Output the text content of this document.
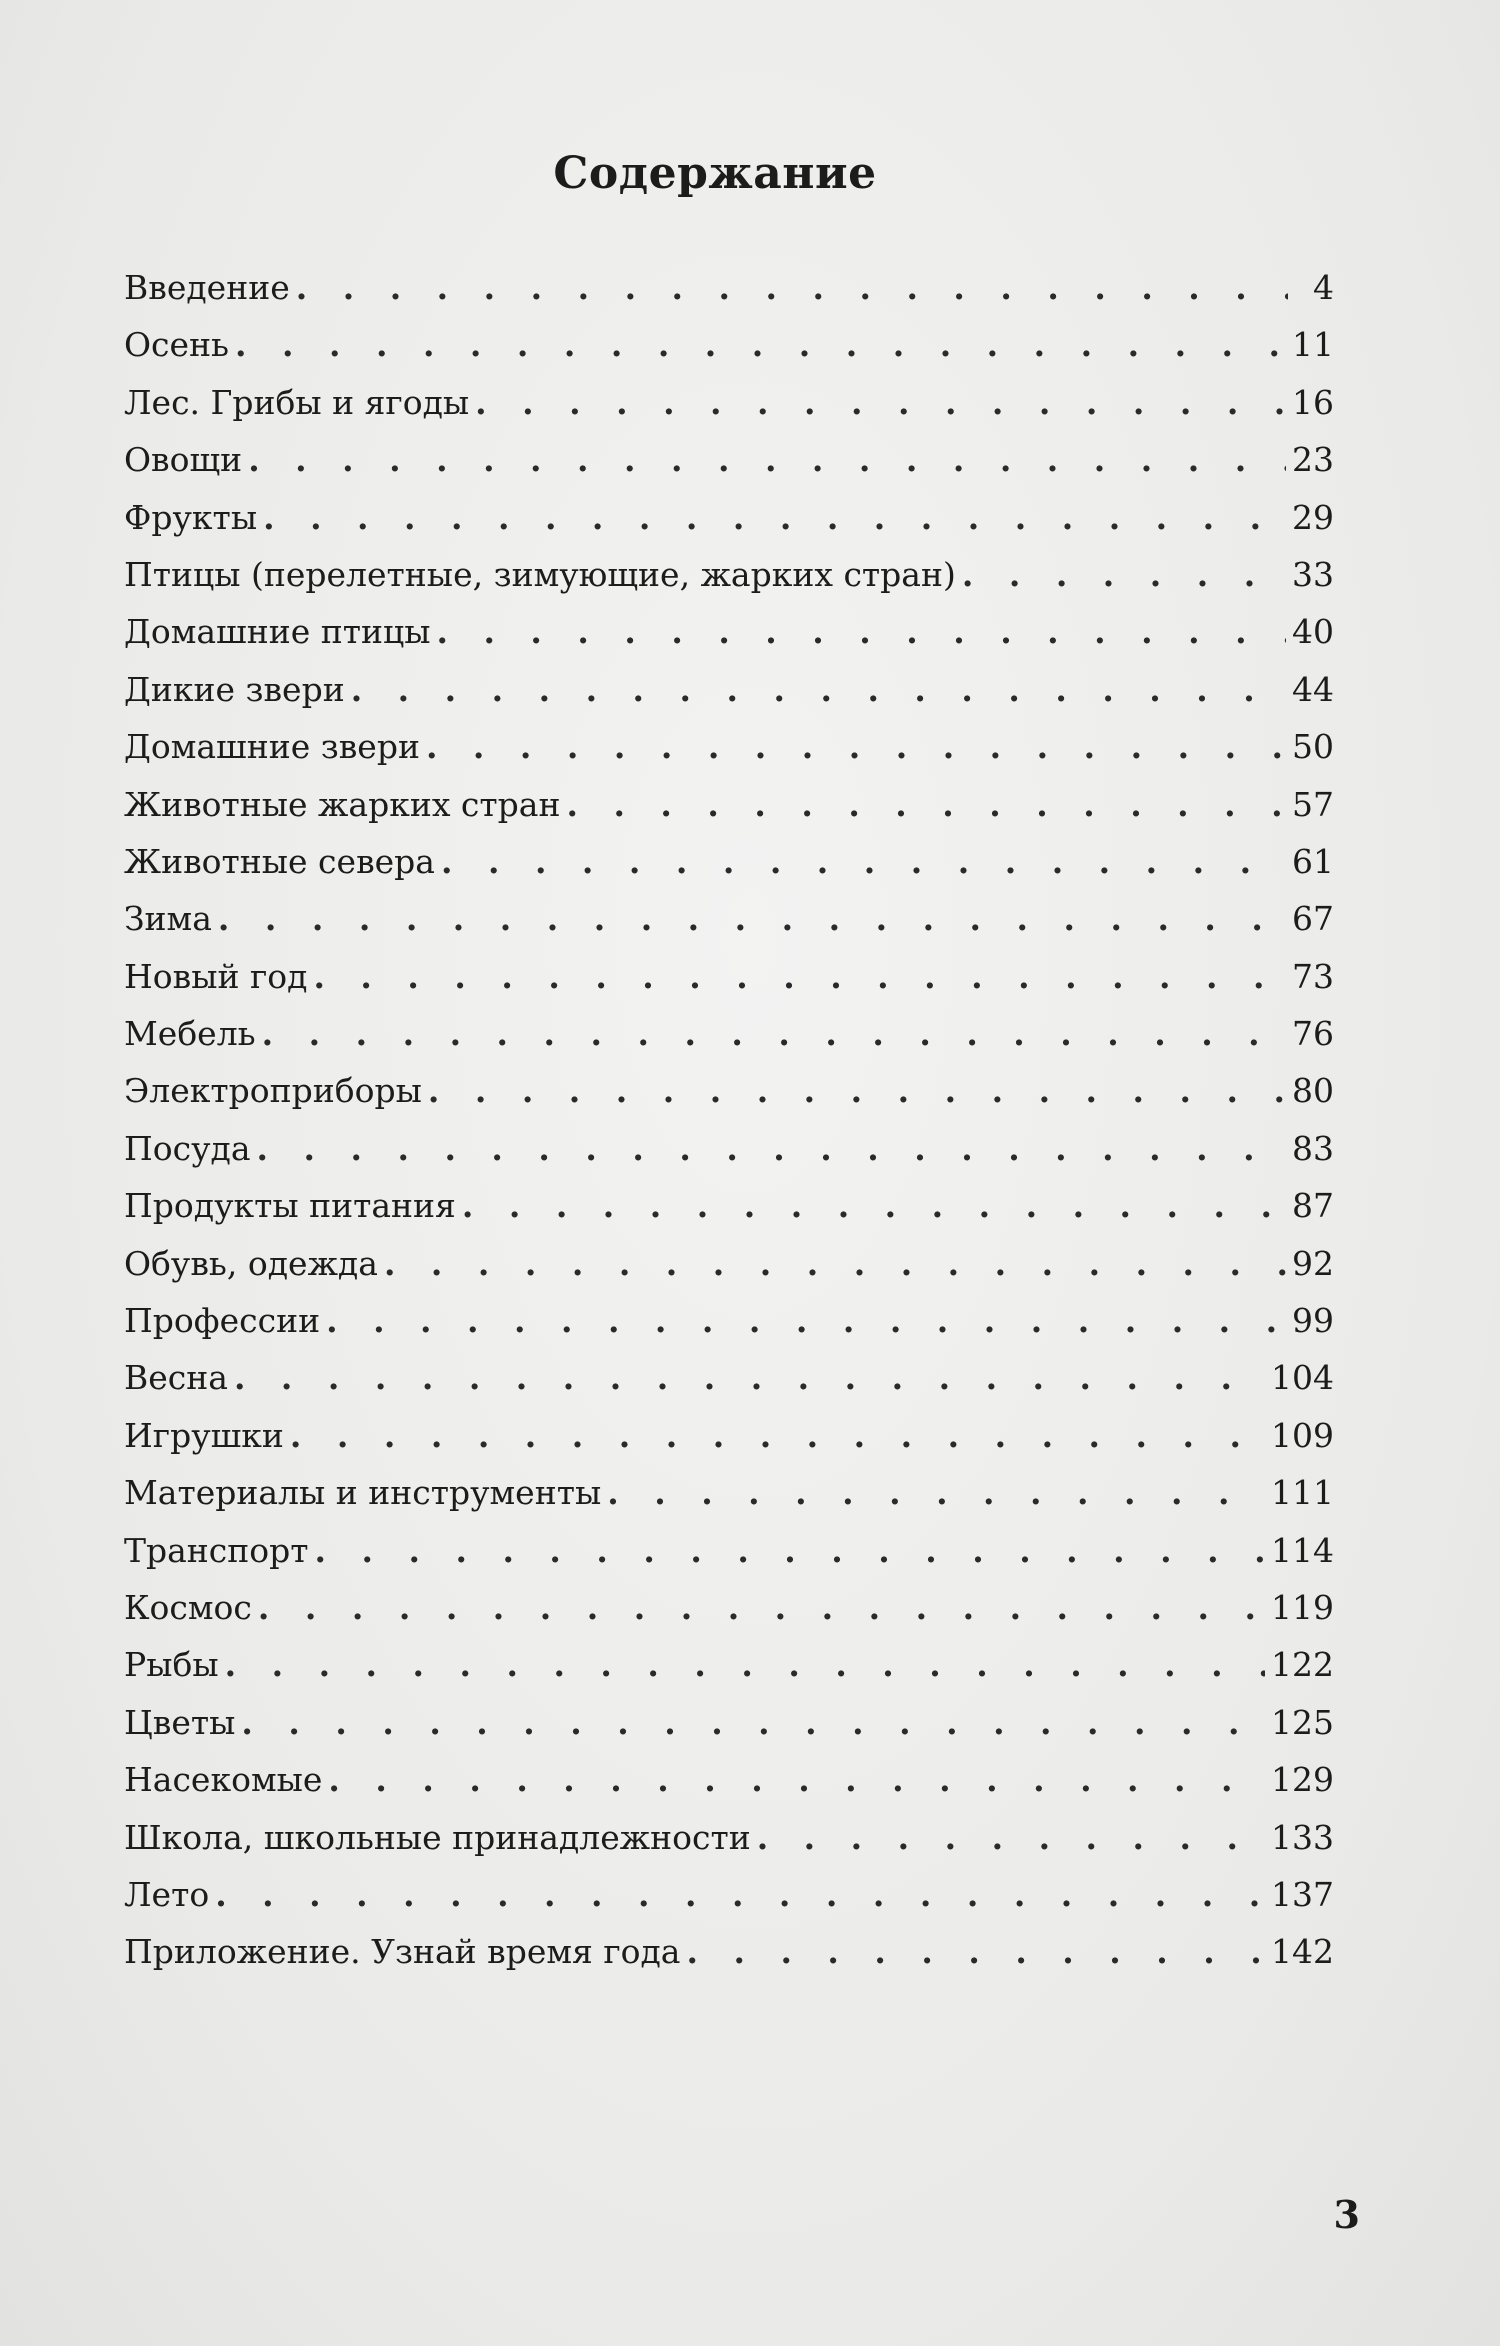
Содержание
Введение . . .	4
Осень . . .	11
Лес. Грибы и ягоды . . .	16
Овощи . . .	23
Фрукты . . .	29
Птицы (перелетные, зимующие, жарких стран) . . .	33
Домашние птицы . . .	40
Дикие звери . . .	44
Домашние звери . . .	50
Животные жарких стран . . .	57
Животные севера . . .	61
Зима . . .	67
Новый год . . .	73
Мебель . . .	76
Электроприборы . . .	80
Посуда . . .	83
Продукты питания . . .	87
Обувь, одежда . . .	92
Профессии . . .	99
Весна . . .	104
Игрушки . . .	109
Материалы и инструменты . . .	111
Транспорт . . .	114
Космос . . .	119
Рыбы . . .	122
Цветы . . .	125
Насекомые . . .	129
Школа, школьные принадлежности . . .	133
Лето . . .	137
Приложение. Узнай время года . . .	142
3
